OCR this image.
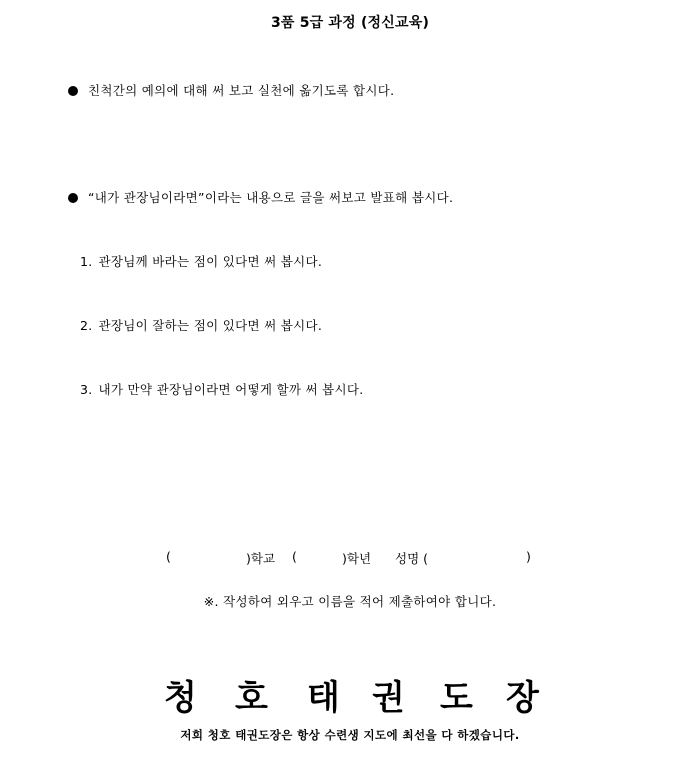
3품 5급 과정 (정신교육)
친척간의 예의에 대해 써 보고 실천에 옮기도록 합시다.
“내가 관장님이라면”이라는 내용으로 글을 써보고 발표해 봅시다.
1. 관장님께 바라는 점이 있다면 써 봅시다.
2. 관장님이 잘하는 점이 있다면 써 봅시다.
3. 내가 만약 관장님이라면 어떻게 할까 써 봅시다.
(	)학교 (	)학년 성명 (	)
※. 작성하여 외우고 이름을 적어 제출하여야 합니다.
청 호 태 권 도 장
저희 청호 태권도장은 항상 수련생 지도에 최선을 다 하겠습니다.
